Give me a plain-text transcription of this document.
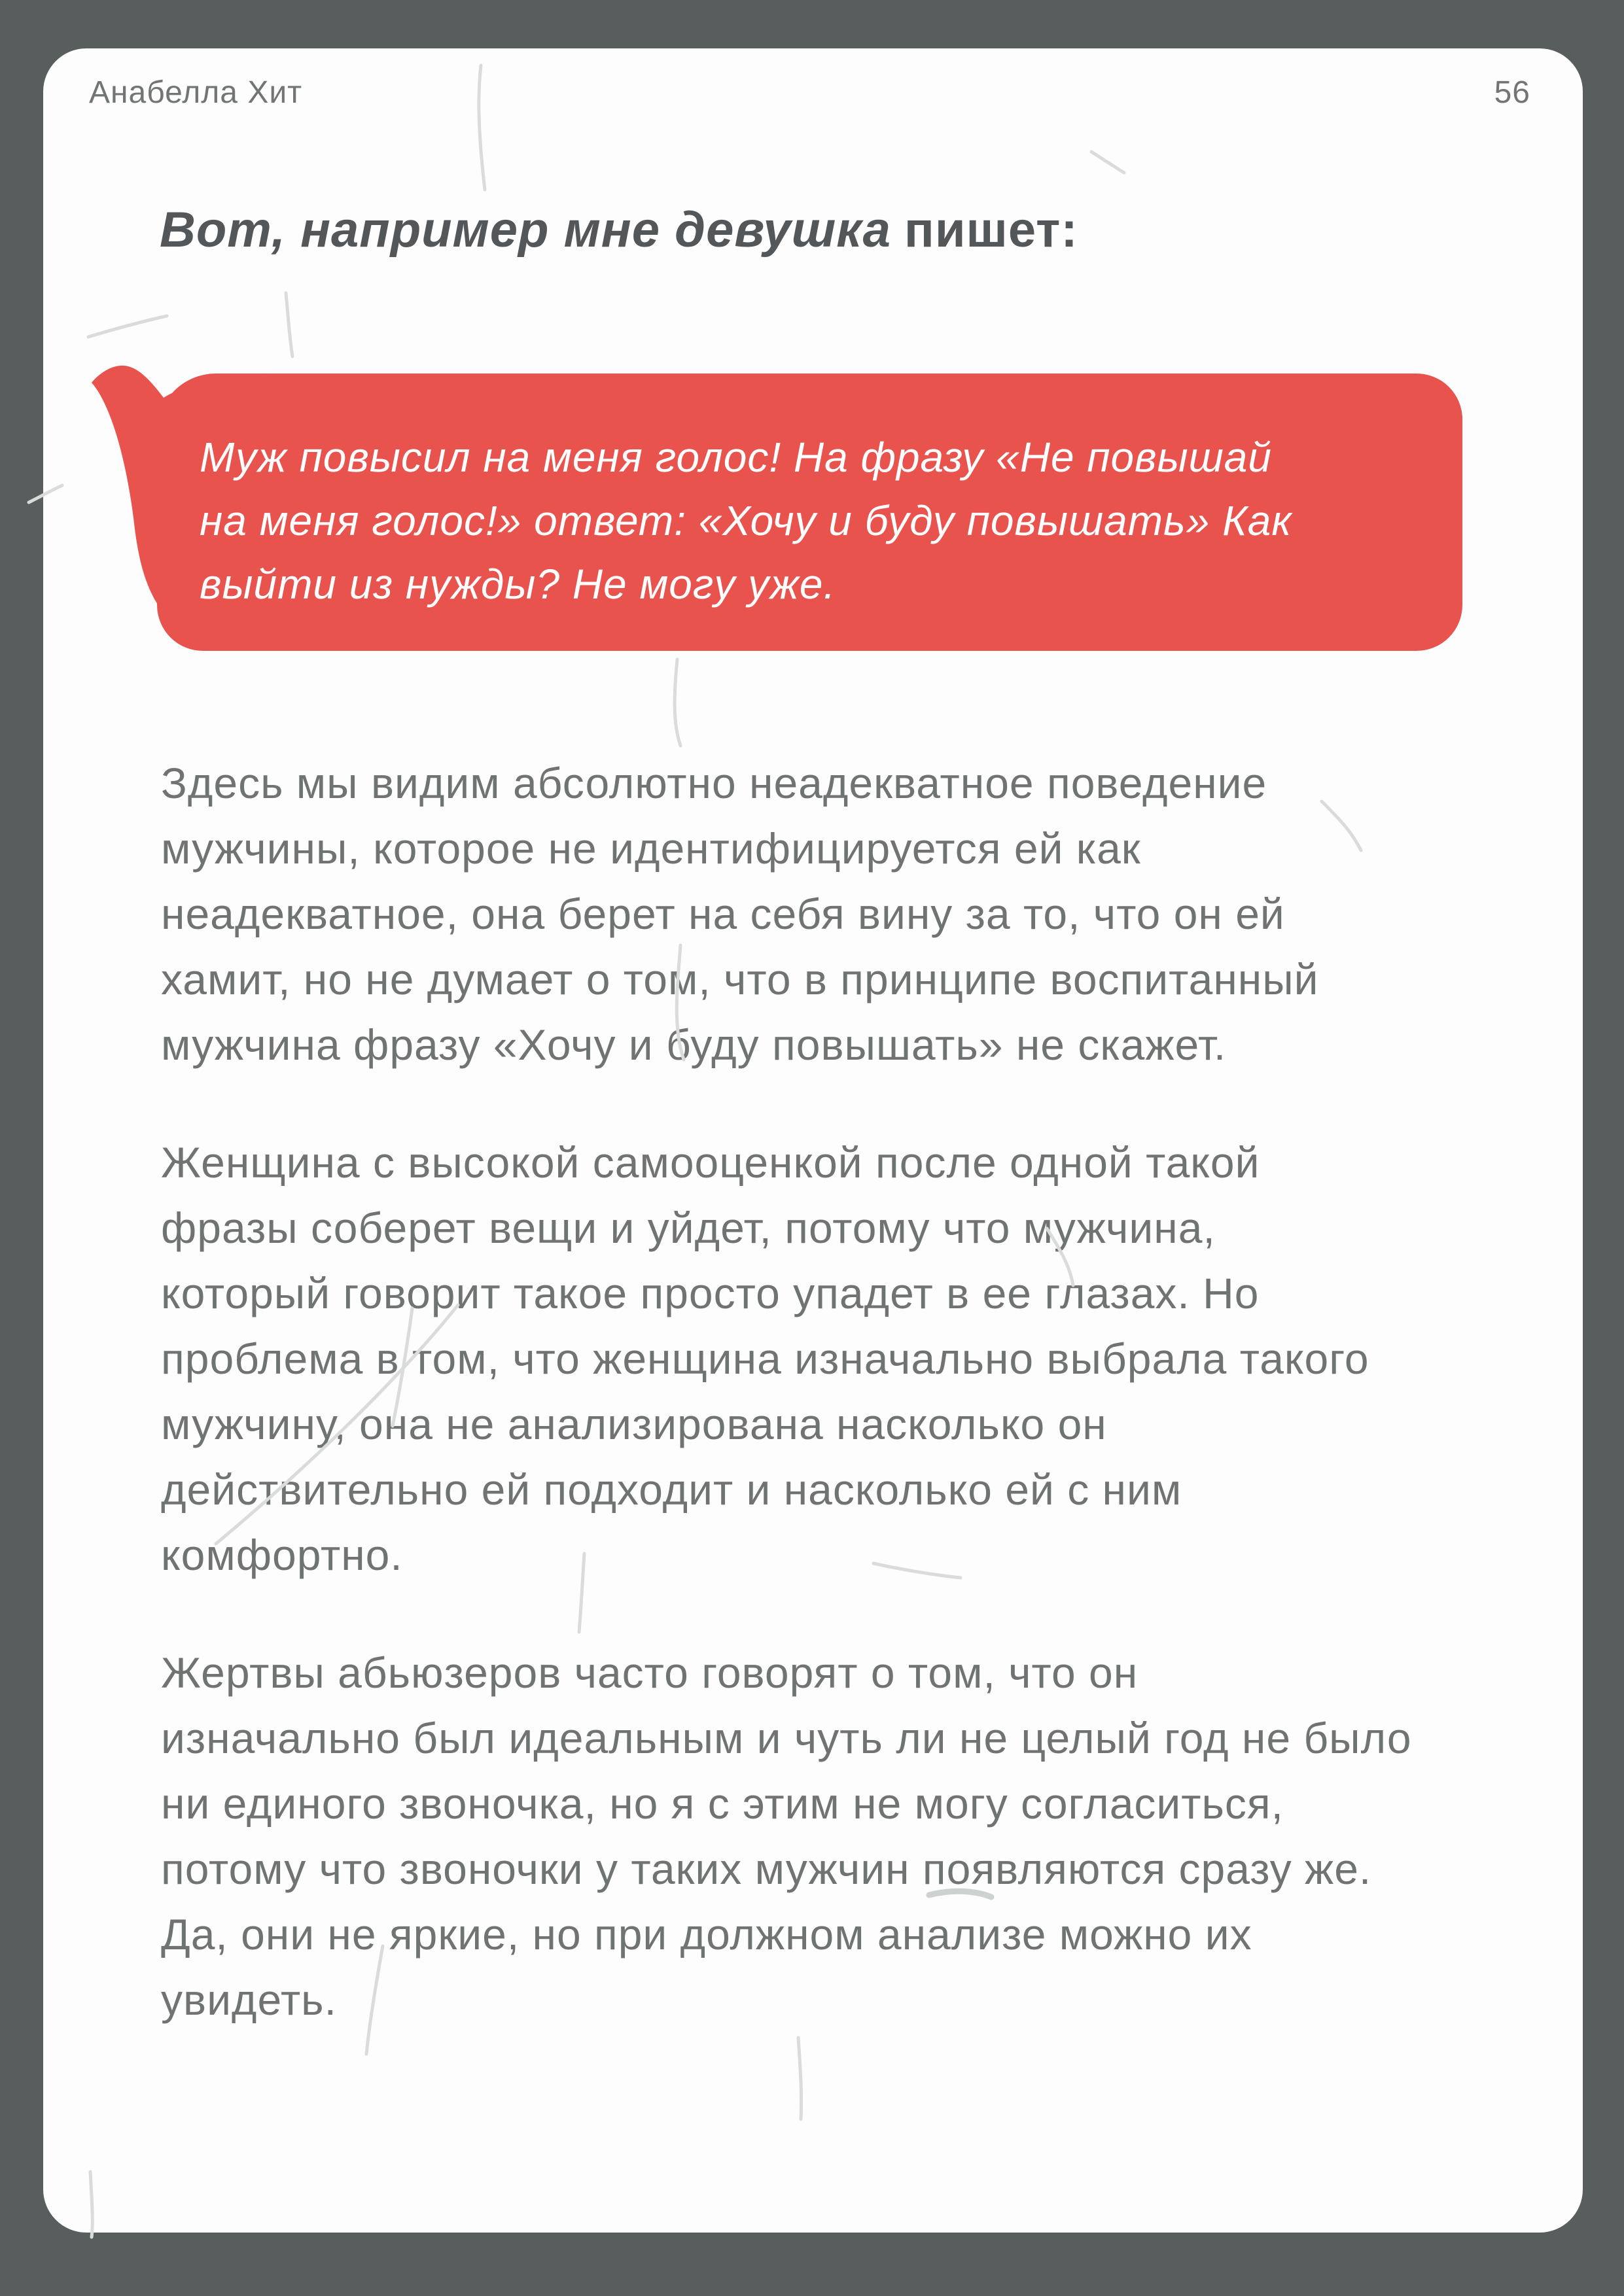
Анабелла Хит	56
Вот, например мне девушка пишет:
Муж повысил на меня голос! На фразу «Не повышай
на меня голос!» ответ: «Хочу и буду повышать» Как
выйти из нужды? Не могу уже.
Здесь мы видим абсолютно неадекватное поведение
мужчины, которое не идентифицируется ей как
неадекватное, она берет на себя вину за то, что он ей
хамит, но не думает о том, что в принципе воспитанный
мужчина фразу «Хочу и буду повышать» не скажет.
Женщина с высокой самооценкой после одной такой
фразы соберет вещи и уйдет, потому что мужчина,
который говорит такое просто упадет в ее глазах. Но
проблема в том, что женщина изначально выбрала такого
мужчину, она не анализирована насколько он
действительно ей подходит и насколько ей с ним
комфортно.
Жертвы абьюзеров часто говорят о том, что он
изначально был идеальным и чуть ли не целый год не было
ни единого звоночка, но я с этим не могу согласиться,
потому что звоночки у таких мужчин появляются сразу же.
Да, они не яркие, но при должном анализе можно их
увидеть.
